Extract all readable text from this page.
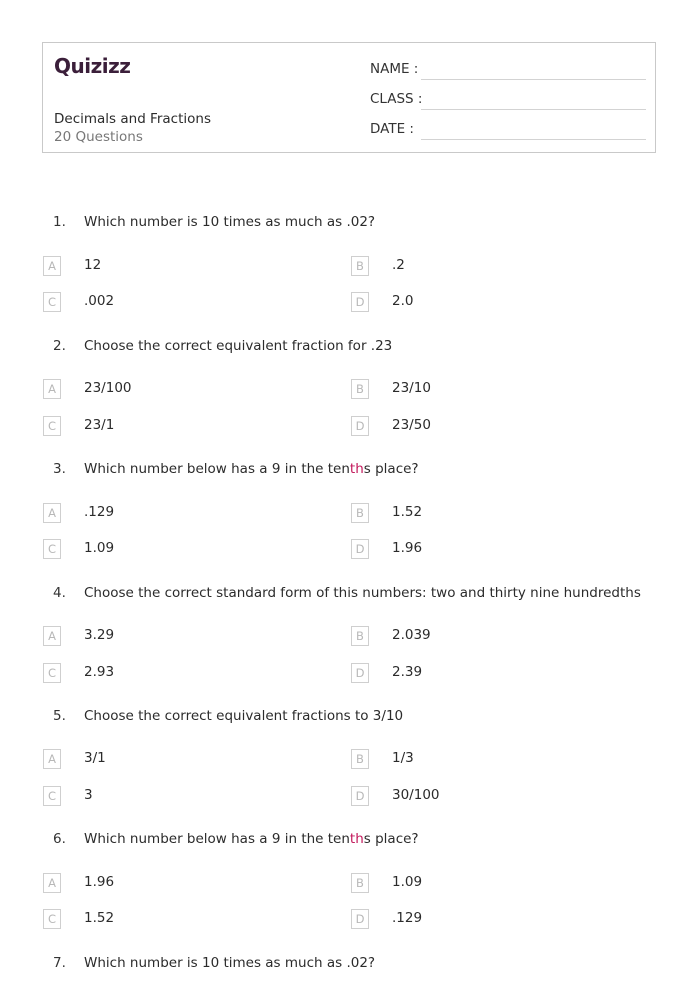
Quizizz
Decimals and Fractions
20 Questions
NAME :
CLASS :
DATE :
1. Which number is 10 times as much as .02?
A	12	B	.2
C	.002	D	2.0
2. Choose the correct equivalent fraction for .23
A	23/100	B	23/10
C	23/1	D	23/50
3. Which number below has a 9 in the tenths place?
A	.129	B	1.52
C	1.09	D	1.96
4. Choose the correct standard form of this numbers: two and thirty nine hundredths
A	3.29	B	2.039
C	2.93	D	2.39
5. Choose the correct equivalent fractions to 3/10
A	3/1	B	1/3
C	3	D	30/100
6. Which number below has a 9 in the tenths place?
A	1.96	B	1.09
C	1.52	D	.129
7. Which number is 10 times as much as .02?
